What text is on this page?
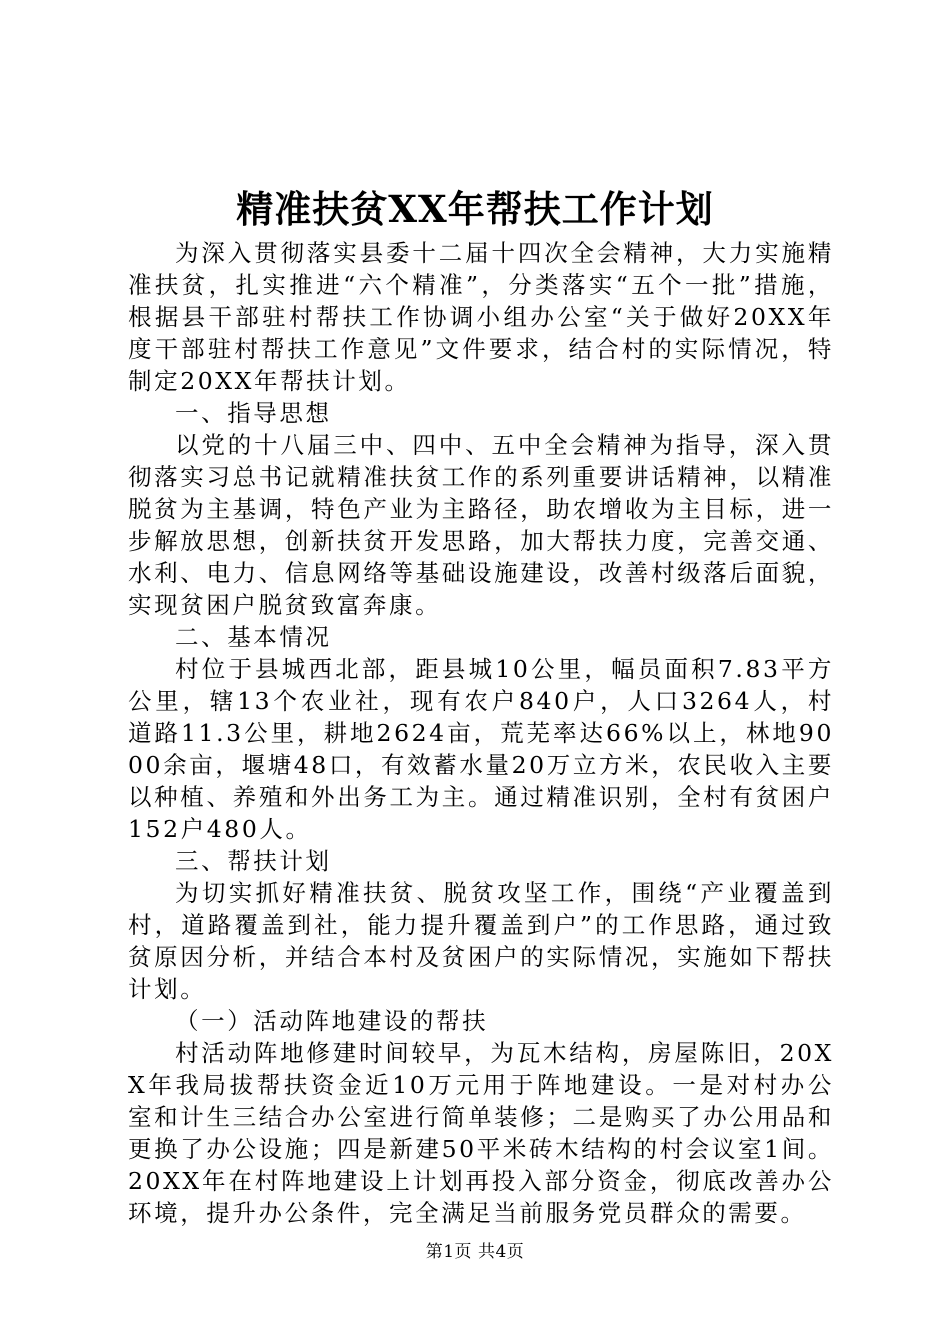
精准扶贫XX年帮扶工作计划

为深入贯彻落实县委十二届十四次全会精神，大力实施精准扶贫，扎实推进“六个精准”，分类落实“五个一批”措施，根据县干部驻村帮扶工作协调小组办公室“关于做好20XX年度干部驻村帮扶工作意见”文件要求，结合村的实际情况，特制定20XX年帮扶计划。

一、指导思想

以党的十八届三中、四中、五中全会精神为指导，深入贯彻落实习总书记就精准扶贫工作的系列重要讲话精神，以精准脱贫为主基调，特色产业为主路径，助农增收为主目标，进一步解放思想，创新扶贫开发思路，加大帮扶力度，完善交通、水利、电力、信息网络等基础设施建设，改善村级落后面貌，实现贫困户脱贫致富奔康。

二、基本情况

村位于县城西北部，距县城10公里，幅员面积7.83平方公里，辖13个农业社，现有农户840户，人口3264人，村道路11.3公里，耕地2624亩，荒芜率达66%以上，林地9000余亩，堰塘48口，有效蓄水量20万立方米，农民收入主要以种植、养殖和外出务工为主。通过精准识别，全村有贫困户152户480人。

三、帮扶计划

为切实抓好精准扶贫、脱贫攻坚工作，围绕“产业覆盖到村，道路覆盖到社，能力提升覆盖到户”的工作思路，通过致贫原因分析，并结合本村及贫困户的实际情况，实施如下帮扶计划。

（一）活动阵地建设的帮扶

村活动阵地修建时间较早，为瓦木结构，房屋陈旧，20XX年我局拔帮扶资金近10万元用于阵地建设。一是对村办公室和计生三结合办公室进行简单装修；二是购买了办公用品和更换了办公设施；四是新建50平米砖木结构的村会议室1间。20XX年在村阵地建设上计划再投入部分资金，彻底改善办公环境，提升办公条件，完全满足当前服务党员群众的需要。

第1页 共4页
